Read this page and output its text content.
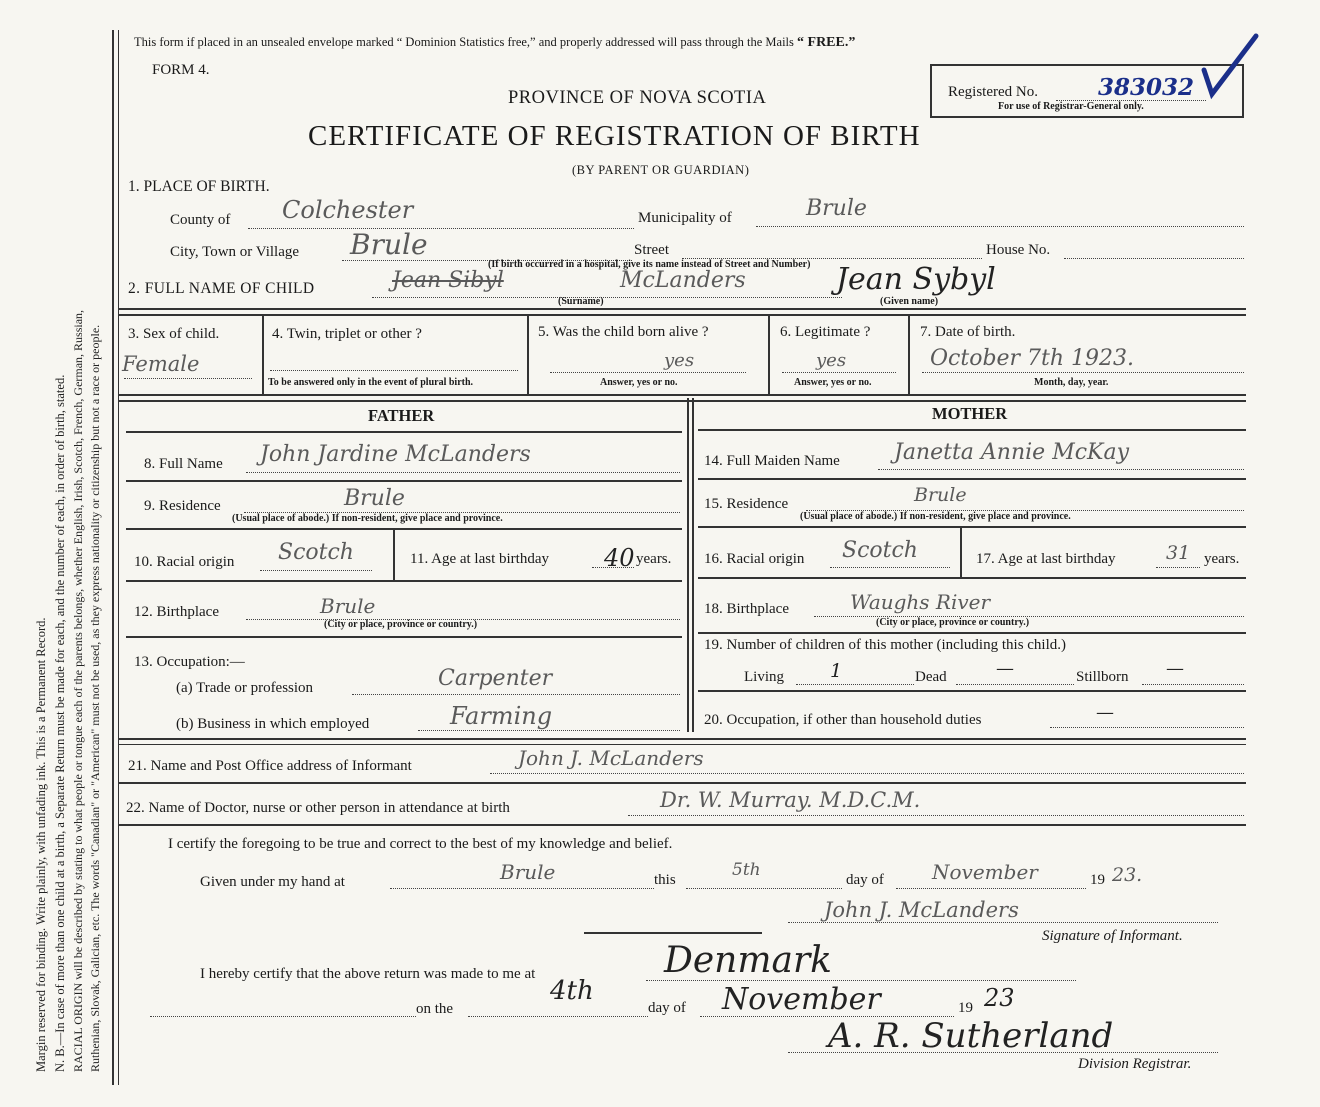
Margin reserved for binding. Write plainly, with unfading ink. This is a Permanent Record. N. B.—In case of more than one child at a birth, a Separate Return must be made for each, and the number of each, in order of birth, stated. RACIAL ORIGIN will be described by stating to what people or tongue each of the parents belongs, whether English, Irish, Scotch, French, German, Russian, Ruthenian, Slovak, Galician, etc. The words "Canadian" or "American" must not be used, as they express nationality or citizenship but not a race or people.
This form if placed in an unsealed envelope marked “ Dominion Statistics free,” and properly addressed will pass through the Mails “ FREE.”
FORM 4.
PROVINCE OF NOVA SCOTIA
CERTIFICATE OF REGISTRATION OF BIRTH
(BY PARENT OR GUARDIAN)
Registered No.	383032
For use of Registrar-General only.
1. PLACE OF BIRTH.
County of Colchester	Municipality of	Brule
City, Town or Village Brule	Street	House No.
(If birth occurred in a hospital, give its name instead of Street and Number)
2. FULL NAME OF CHILD	Jean Sibyl	McLanders
(Surname)
Jean Sybyl
(Given name)
3. Sex of child.
Female
4. Twin, triplet or other ?
To be answered only in the event of plural birth.
5. Was the child born alive ?
yes
Answer, yes or no.
6. Legitimate ?
yes
Answer, yes or no.
7. Date of birth.
October 7th 1923.
Month, day, year.
FATHER	MOTHER
8. Full Name John Jardine McLanders
9. Residence	Brule
(Usual place of abode.) If non-resident, give place and province.
10. Racial origin Scotch	11. Age at last birthday 40 years.
12. Birthplace	Brule
(City or place, province or country.)
13. Occupation:—
(a) Trade or profession	Carpenter
(b) Business in which employed	Farming
14. Full Maiden Name Janetta Annie McKay
15. Residence	Brule
(Usual place of abode.) If non-resident, give place and province.
16. Racial origin Scotch	17. Age at last birthday	31 years.
18. Birthplace	Waughs River
(City or place, province or country.)
19. Number of children of this mother (including this child.)
Living 1	Dead	—	Stillborn —
20. Occupation, if other than household duties	—
21. Name and Post Office address of Informant	John J. McLanders
22. Name of Doctor, nurse or other person in attendance at birth	Dr. W. Murray. M.D.C.M.
I certify the foregoing to be true and correct to the best of my knowledge and belief.
Given under my hand at	Brule	this	5th	day of November	19 23.
John J. McLanders
Signature of Informant.
I hereby certify that the above return was made to me at	Denmark
on the
4th
day of November	19 23
A. R. Sutherland
Division Registrar.
